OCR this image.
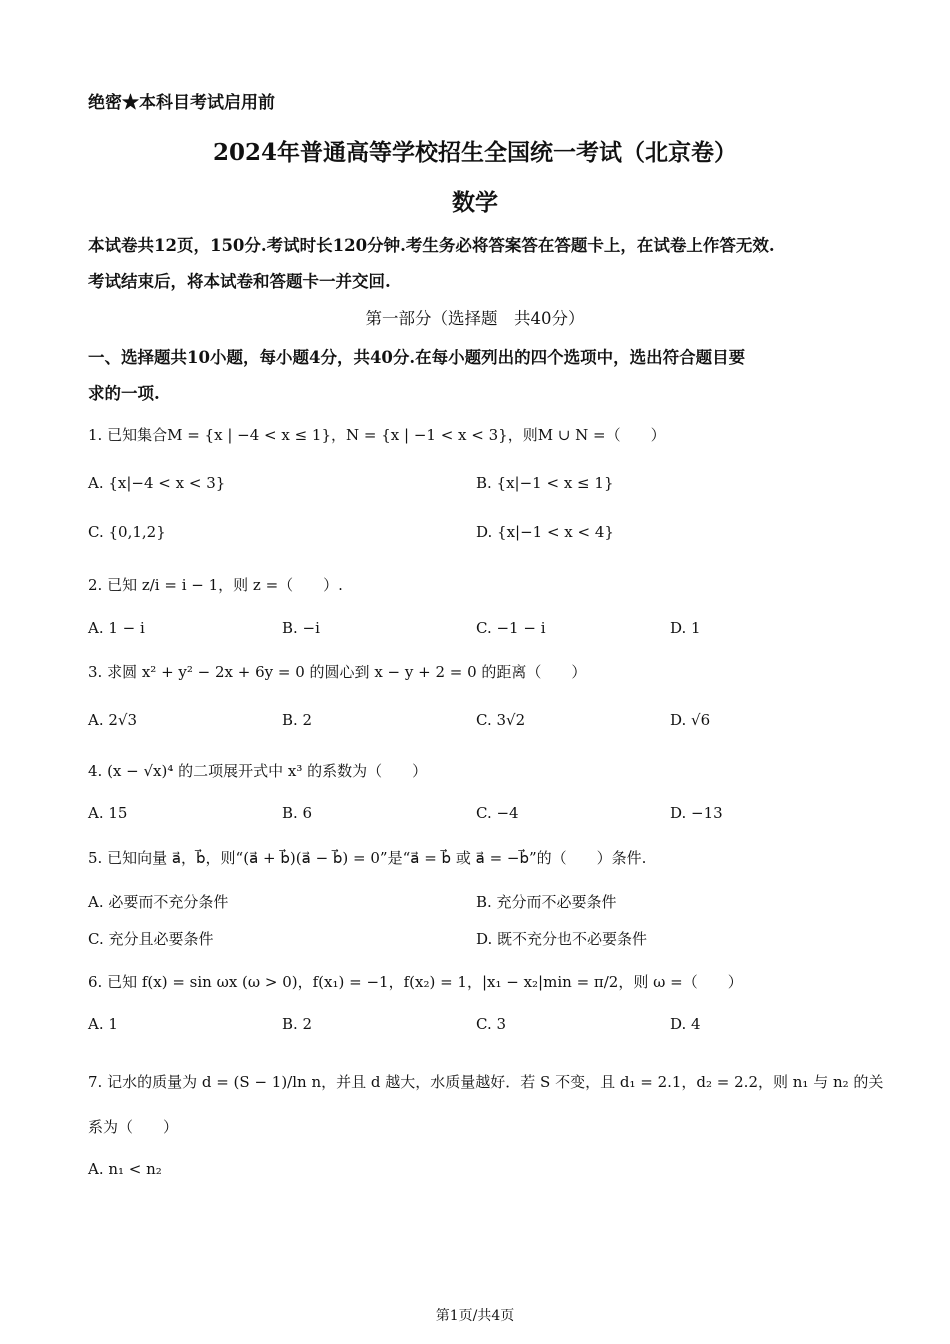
绝密★本科目考试启用前
2024年普通高等学校招生全国统一考试（北京卷）
数学
本试卷共12页，150分.考试时长120分钟.考生务必将答案答在答题卡上，在试卷上作答无效.
考试结束后，将本试卷和答题卡一并交回.
第一部分（选择题　共40分）
一、选择题共10小题，每小题4分，共40分.在每小题列出的四个选项中，选出符合题目要
求的一项.
1. 已知集合M = {x | −4 < x ≤ 1}，N = {x | −1 < x < 3}，则M ∪ N =（　　）
A. {x|−4 < x < 3}	B. {x|−1 < x ≤ 1}
C. {0,1,2}	D. {x|−1 < x < 4}
2. 已知 z/i = i − 1，则 z =（　　）.
A. 1 − i	B. −i	C. −1 − i	D. 1
3. 求圆 x² + y² − 2x + 6y = 0 的圆心到 x − y + 2 = 0 的距离（　　）
A. 2√3	B. 2	C. 3√2	D. √6
4. (x − √x)⁴ 的二项展开式中 x³ 的系数为（　　）
A. 15	B. 6	C. −4	D. −13
5. 已知向量 a⃗，b⃗，则“(a⃗ + b⃗)(a⃗ − b⃗) = 0”是“a⃗ = b⃗ 或 a⃗ = −b⃗”的（　　）条件.
A. 必要而不充分条件	B. 充分而不必要条件
C. 充分且必要条件	D. 既不充分也不必要条件
6. 已知 f(x) = sin ωx (ω > 0)，f(x₁) = −1，f(x₂) = 1，|x₁ − x₂|min = π/2，则 ω =（　　）
A. 1	B. 2	C. 3	D. 4
7. 记水的质量为 d = (S − 1)/ln n，并且 d 越大，水质量越好．若 S 不变，且 d₁ = 2.1，d₂ = 2.2，则 n₁ 与 n₂ 的关
系为（　　）
A. n₁ < n₂
第1页/共4页
